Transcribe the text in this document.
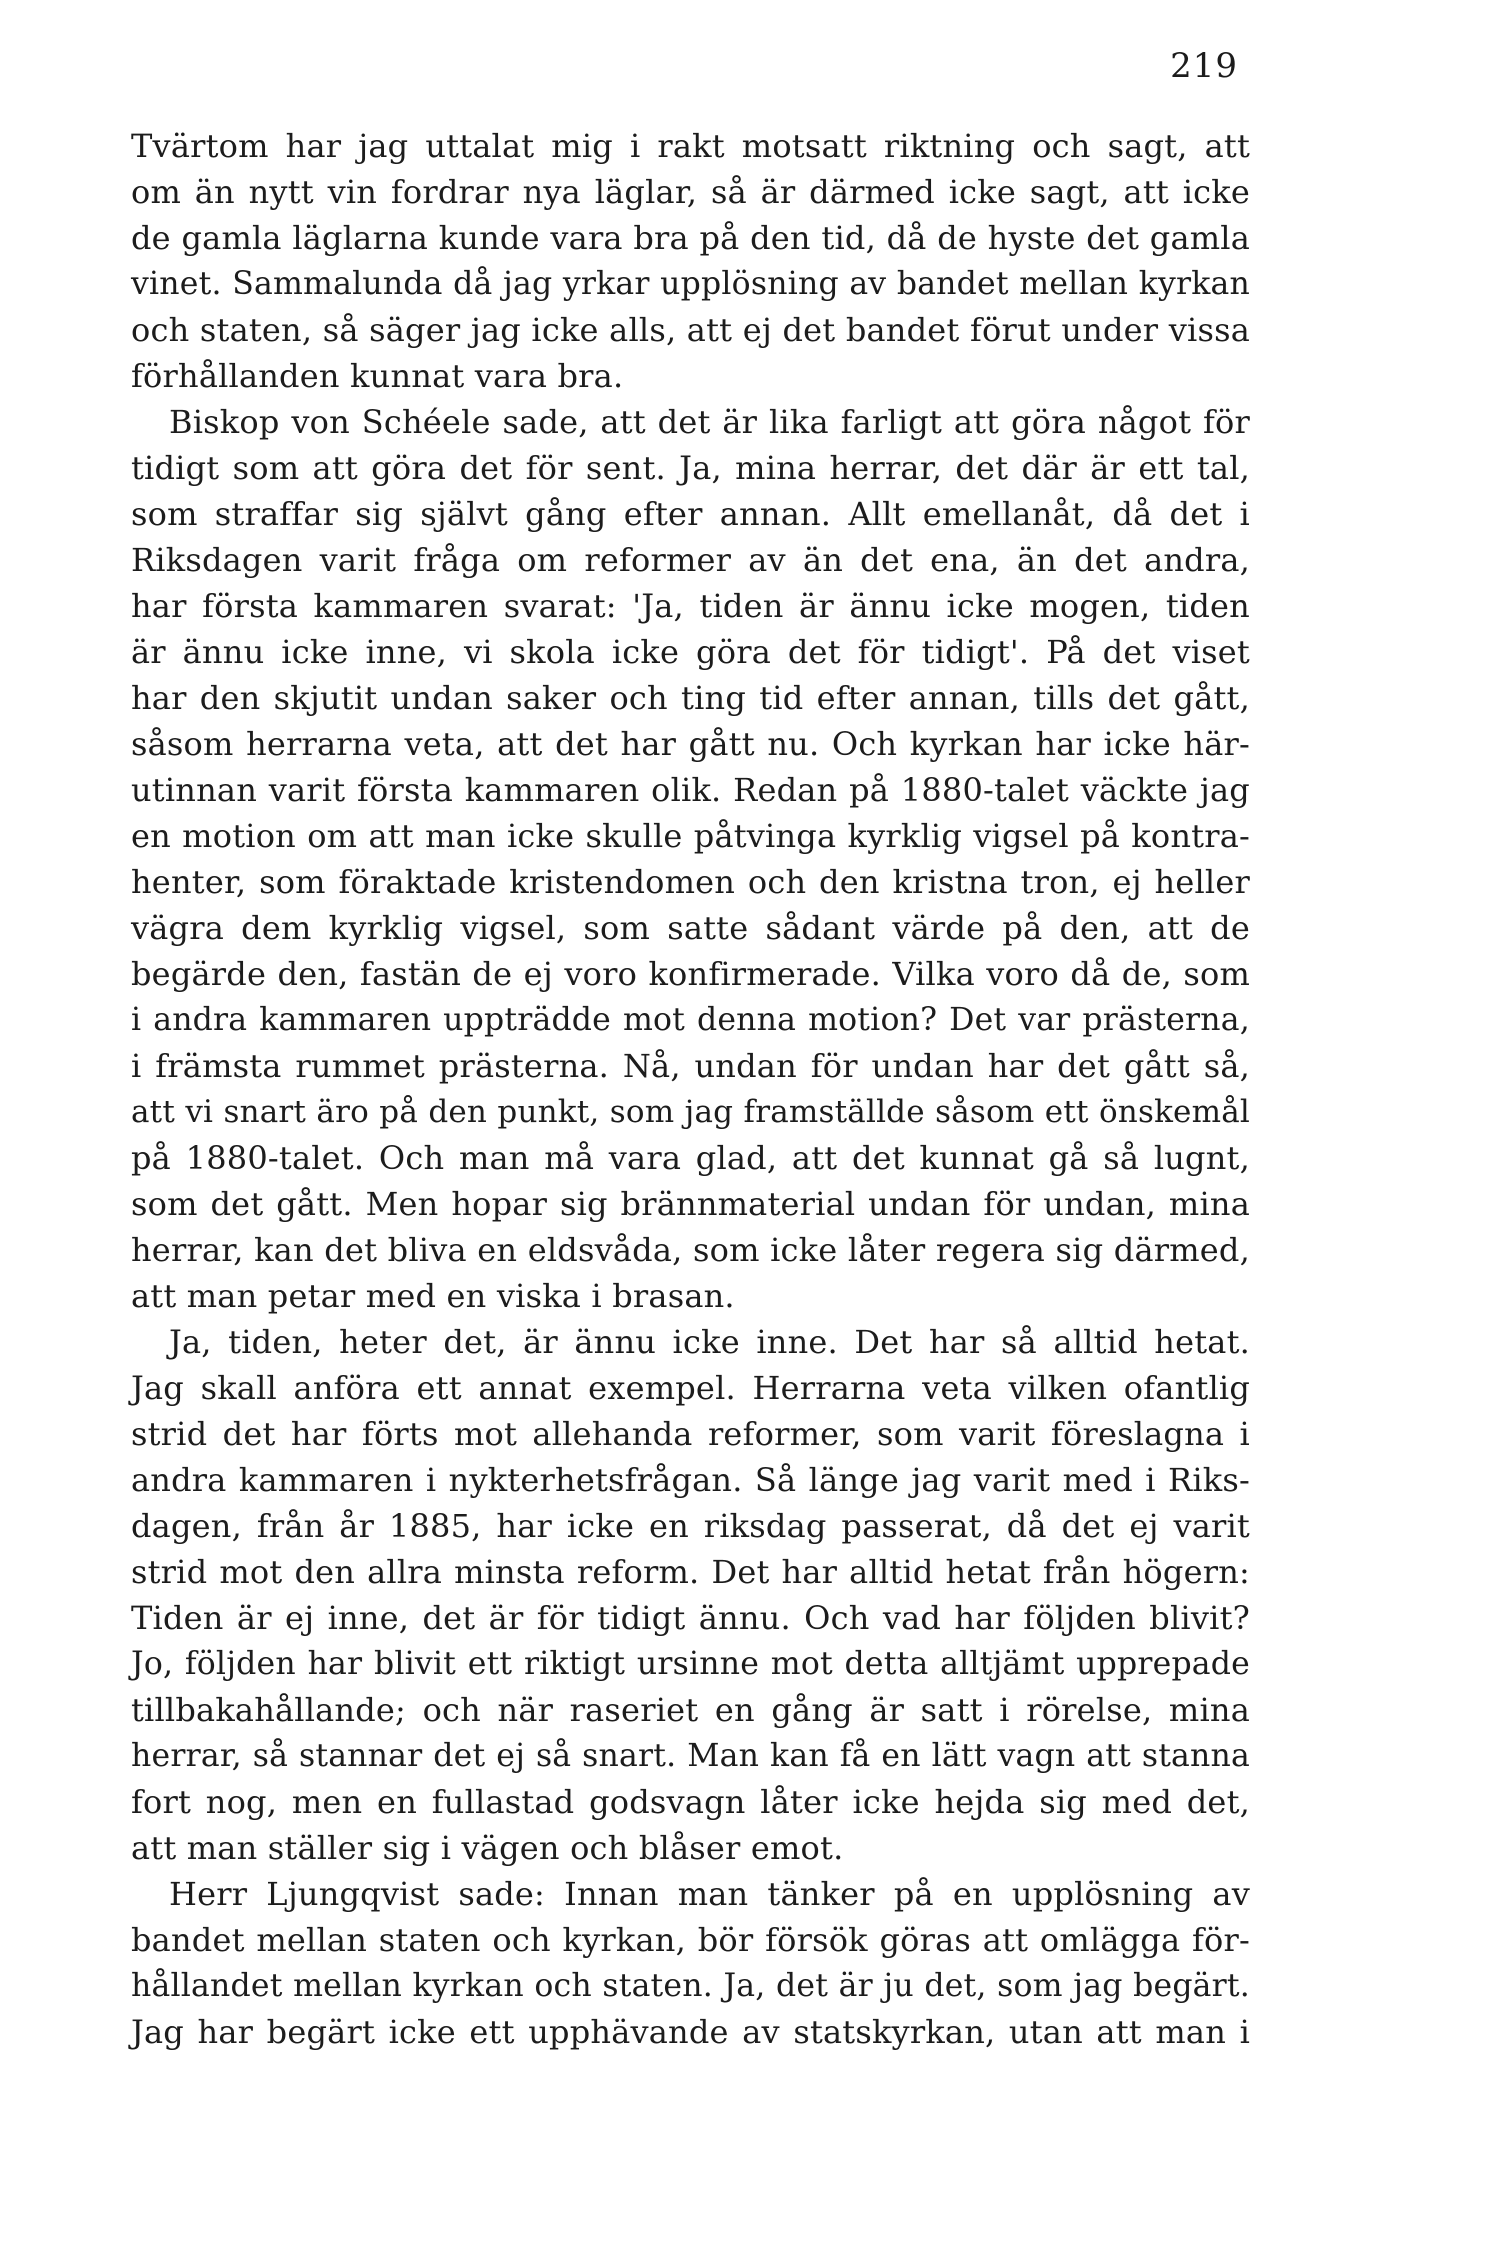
219
Tvärtom har jag uttalat mig i rakt motsatt riktning och sagt, att
om än nytt vin fordrar nya läglar, så är därmed icke sagt, att icke
de gamla läglarna kunde vara bra på den tid, då de hyste det gamla
vinet. Sammalunda då jag yrkar upplösning av bandet mellan kyrkan
och staten, så säger jag icke alls, att ej det bandet förut under vissa
förhållanden kunnat vara bra.
Biskop von Schéele sade, att det är lika farligt att göra något för
tidigt som att göra det för sent. Ja, mina herrar, det där är ett tal,
som straffar sig självt gång efter annan. Allt emellanåt, då det i
Riksdagen varit fråga om reformer av än det ena, än det andra,
har första kammaren svarat: 'Ja, tiden är ännu icke mogen, tiden
är ännu icke inne, vi skola icke göra det för tidigt'. På det viset
har den skjutit undan saker och ting tid efter annan, tills det gått,
såsom herrarna veta, att det har gått nu. Och kyrkan har icke här-
utinnan varit första kammaren olik. Redan på 1880-talet väckte jag
en motion om att man icke skulle påtvinga kyrklig vigsel på kontra-
henter, som föraktade kristendomen och den kristna tron, ej heller
vägra dem kyrklig vigsel, som satte sådant värde på den, att de
begärde den, fastän de ej voro konfirmerade. Vilka voro då de, som
i andra kammaren uppträdde mot denna motion? Det var prästerna,
i främsta rummet prästerna. Nå, undan för undan har det gått så,
att vi snart äro på den punkt, som jag framställde såsom ett önskemål
på 1880-talet. Och man må vara glad, att det kunnat gå så lugnt,
som det gått. Men hopar sig brännmaterial undan för undan, mina
herrar, kan det bliva en eldsvåda, som icke låter regera sig därmed,
att man petar med en viska i brasan.
Ja, tiden, heter det, är ännu icke inne. Det har så alltid hetat.
Jag skall anföra ett annat exempel. Herrarna veta vilken ofantlig
strid det har förts mot allehanda reformer, som varit föreslagna i
andra kammaren i nykterhetsfrågan. Så länge jag varit med i Riks-
dagen, från år 1885, har icke en riksdag passerat, då det ej varit
strid mot den allra minsta reform. Det har alltid hetat från högern:
Tiden är ej inne, det är för tidigt ännu. Och vad har följden blivit?
Jo, följden har blivit ett riktigt ursinne mot detta alltjämt upprepade
tillbakahållande; och när raseriet en gång är satt i rörelse, mina
herrar, så stannar det ej så snart. Man kan få en lätt vagn att stanna
fort nog, men en fullastad godsvagn låter icke hejda sig med det,
att man ställer sig i vägen och blåser emot.
Herr Ljungqvist sade: Innan man tänker på en upplösning av
bandet mellan staten och kyrkan, bör försök göras att omlägga för-
hållandet mellan kyrkan och staten. Ja, det är ju det, som jag begärt.
Jag har begärt icke ett upphävande av statskyrkan, utan att man i
